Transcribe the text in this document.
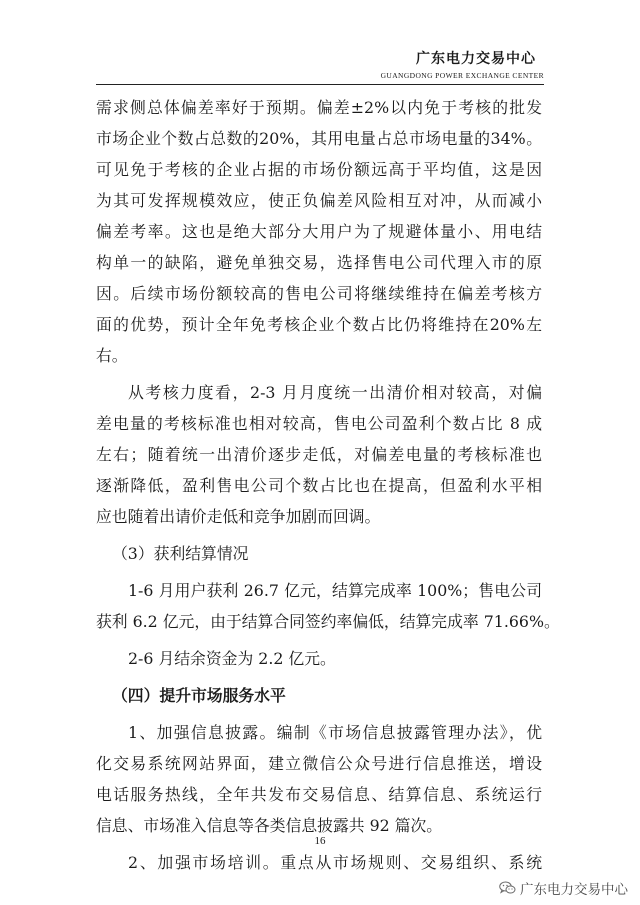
广东电力交易中心
GUANGDONG POWER EXCHANGE CENTER

需求侧总体偏差率好于预期。偏差±2%以内免于考核的批发
市场企业个数占总数的20%，其用电量占总市场电量的34%。
可见免于考核的企业占据的市场份额远高于平均值，这是因
为其可发挥规模效应，使正负偏差风险相互对冲，从而减小
偏差考率。这也是绝大部分大用户为了规避体量小、用电结
构单一的缺陷，避免单独交易，选择售电公司代理入市的原
因。后续市场份额较高的售电公司将继续维持在偏差考核方
面的优势，预计全年免考核企业个数占比仍将维持在20%左
右。

从考核力度看，2-3 月月度统一出清价相对较高，对偏
差电量的考核标准也相对较高，售电公司盈利个数占比 8 成
左右；随着统一出清价逐步走低，对偏差电量的考核标准也
逐渐降低，盈利售电公司个数占比也在提高，但盈利水平相
应也随着出请价走低和竞争加剧而回调。

（3）获利结算情况

1-6 月用户获利 26.7 亿元，结算完成率 100%；售电公司
获利 6.2 亿元，由于结算合同签约率偏低，结算完成率 71.66%。

2-6 月结余资金为 2.2 亿元。

（四）提升市场服务水平

1、加强信息披露。编制《市场信息披露管理办法》，优
化交易系统网站界面，建立微信公众号进行信息推送，增设
电话服务热线，全年共发布交易信息、结算信息、系统运行
信息、市场准入信息等各类信息披露共 92 篇次。

2、加强市场培训。重点从市场规则、交易组织、系统

16
广东电力交易中心
